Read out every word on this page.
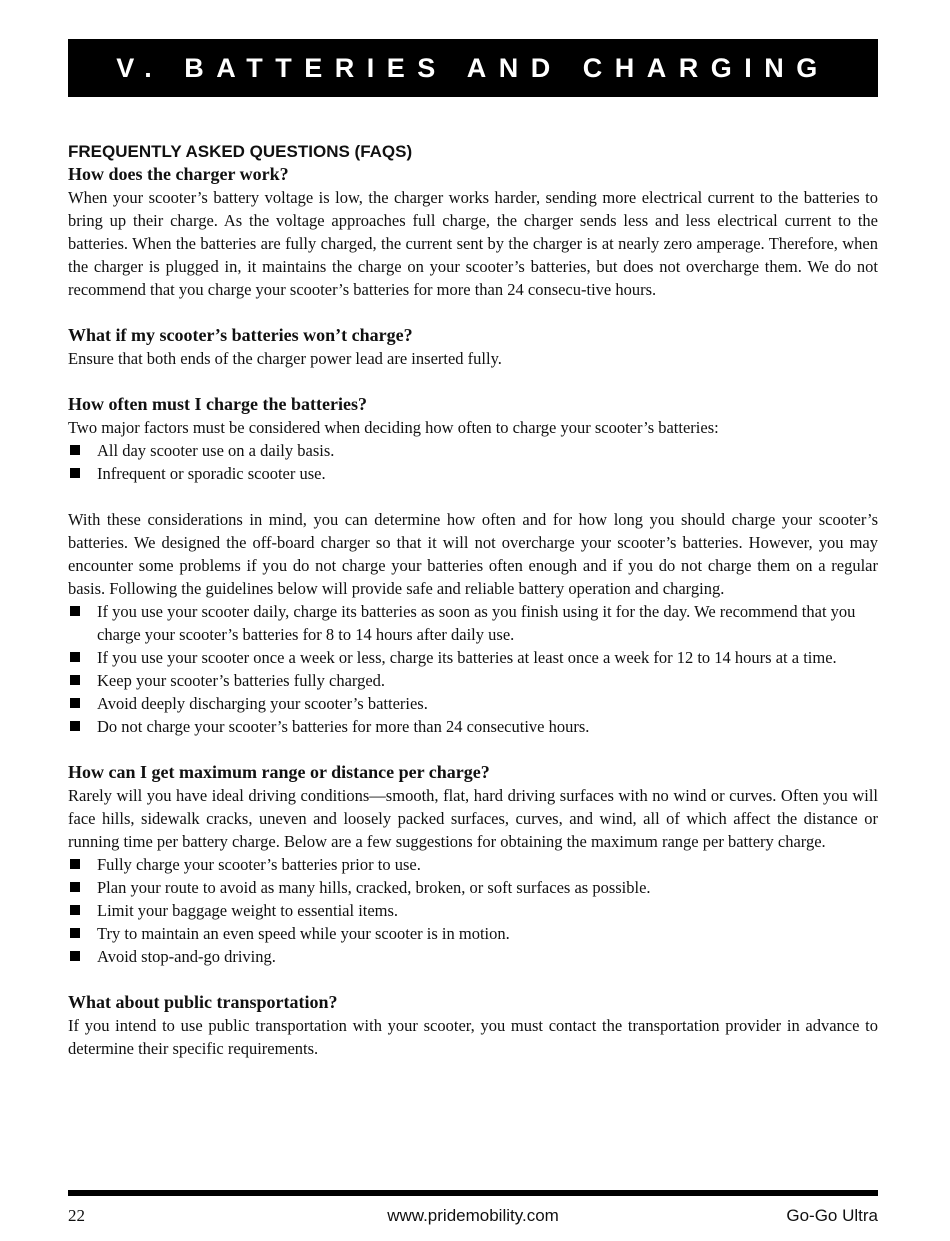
V. BATTERIES AND CHARGING
FREQUENTLY ASKED QUESTIONS (FAQS)
How does the charger work?

When your scooter’s battery voltage is low, the charger works harder, sending more electrical current to the batteries to bring up their charge. As the voltage approaches full charge, the charger sends less and less electrical current to the batteries. When the batteries are fully charged, the current sent by the charger is at nearly zero amperage. Therefore, when the charger is plugged in, it maintains the charge on your scooter’s batteries, but does not overcharge them. We do not recommend that you charge your scooter’s batteries for more than 24 consecu-tive hours.

What if my scooter’s batteries won’t charge?

Ensure that both ends of the charger power lead are inserted fully.

How often must I charge the batteries?

Two major factors must be considered when deciding how often to charge your scooter’s batteries:

All day scooter use on a daily basis.
Infrequent or sporadic scooter use.

With these considerations in mind, you can determine how often and for how long you should charge your scooter’s batteries. We designed the off-board charger so that it will not overcharge your scooter’s batteries. However, you may encounter some problems if you do not charge your batteries often enough and if you do not charge them on a regular basis. Following the guidelines below will provide safe and reliable battery operation and charging.

If you use your scooter daily, charge its batteries as soon as you finish using it for the day. We recommend that you charge your scooter’s batteries for 8 to 14 hours after daily use.
If you use your scooter once a week or less, charge its batteries at least once a week for 12 to 14 hours at a time.
Keep your scooter’s batteries fully charged.
Avoid deeply discharging your scooter’s batteries.
Do not charge your scooter’s batteries for more than 24 consecutive hours.
How can I get maximum range or distance per charge?

Rarely will you have ideal driving conditions—smooth, flat, hard driving surfaces with no wind or curves. Often you will face hills, sidewalk cracks, uneven and loosely packed surfaces, curves, and wind, all of which affect the distance or running time per battery charge. Below are a few suggestions for obtaining the maximum range per battery charge.

Fully charge your scooter’s batteries prior to use.
Plan your route to avoid as many hills, cracked, broken, or soft surfaces as possible.
Limit your baggage weight to essential items.
Try to maintain an even speed while your scooter is in motion.
Avoid stop-and-go driving.
What about public transportation?

If you intend to use public transportation with your scooter, you must contact the transportation provider in advance to determine their specific requirements.

22	www.pridemobility.com	Go-Go Ultra
